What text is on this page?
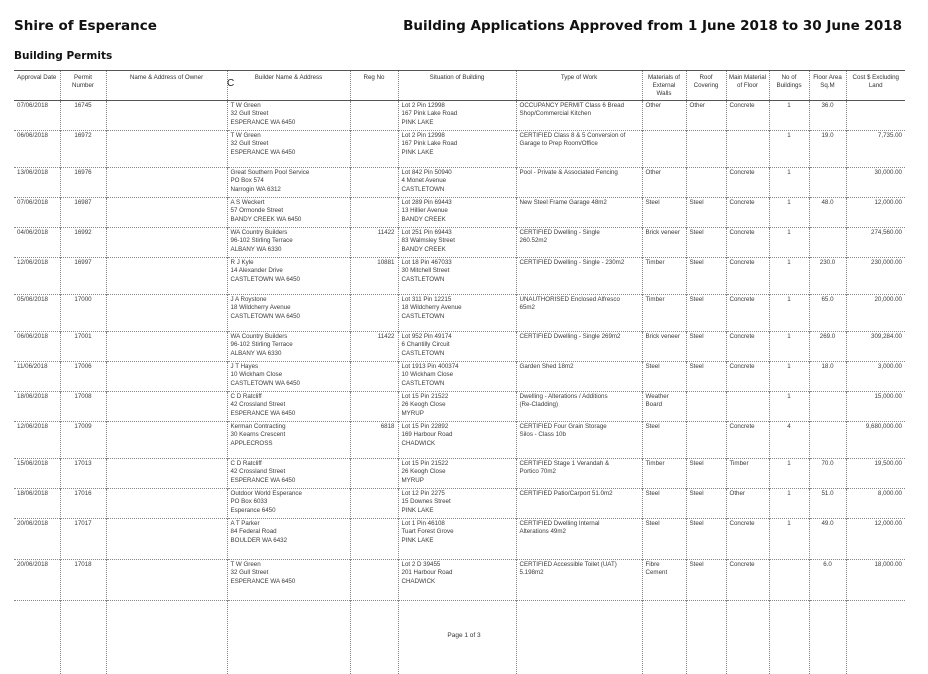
Shire of Esperance	Building Applications Approved from 1 June 2018 to 30 June 2018
Building Permits
Approval Date	Permit Number	Name & Address of Owner	Builder Name & Address	Reg No	Situation of Building	Type of Work	Materials of External Walls	Roof Covering	Main Material of Floor	No of Buildings	Floor Area Sq.M	Cost $ Excluding Land
07/06/2018	16745		T W Green
32 Gull Street
ESPERANCE WA 6450		Lot 2 Pin 12998
167 Pink Lake Road
PINK LAKE	OCCUPANCY PERMIT Class 6 Bread
Shop/Commercial Kitchen	Other	Other	Concrete	1	36.0	
06/06/2018	16972		T W Green
32 Gull Street
ESPERANCE WA 6450		Lot 2 Pin 12998
167 Pink Lake Road
PINK LAKE	CERTIFIED Class 8 & 5 Conversion of
Garage to Prep Room/Office				1	19.0	7,735.00
13/06/2018	16976		Great Southern Pool Service
PO Box 574
Narrogin WA 6312		Lot 842 Pin 50940
4 Monet Avenue
CASTLETOWN	Pool - Private & Associated Fencing	Other		Concrete	1		30,000.00
07/06/2018	16987		A S Weckert
57 Ormonde Street
BANDY CREEK WA 6450		Lot 289 Pin 69443
13 Hillier Avenue
BANDY CREEK	New Steel Frame Garage 48m2	Steel	Steel	Concrete	1	48.0	12,000.00
04/06/2018	16992		WA Country Builders
96-102 Stirling Terrace
ALBANY WA 6330	11422	Lot 251 Pin 69443
83 Walmsley Street
BANDY CREEK	CERTIFIED Dwelling - Single
260.52m2	Brick veneer	Steel	Concrete	1		274,560.00
12/06/2018	16997		R J Kyle
14 Alexander Drive
CASTLETOWN WA 6450	10881	Lot 18 Pin 467033
30 Mitchell Street
CASTLETOWN	CERTIFIED Dwelling - Single - 230m2	Timber	Steel	Concrete	1	230.0	230,000.00
05/06/2018	17000		J A Roystone
18 Wildcherry Avenue
CASTLETOWN WA 6450		Lot 311 Pin 12215
18 Wildcherry Avenue
CASTLETOWN	UNAUTHORISED Enclosed Alfresco
65m2	Timber	Steel	Concrete	1	65.0	20,000.00
06/06/2018	17001		WA Country Builders
96-102 Stirling Terrace
ALBANY WA 6330	11422	Lot 952 Pin 49174
6 Chantilly Circuit
CASTLETOWN	CERTIFIED Dwelling - Single 269m2	Brick veneer	Steel	Concrete	1	269.0	309,284.00
11/06/2018	17006		J T Hayes
10 Wickham Close
CASTLETOWN WA 6450		Lot 1913 Pin 400374
10 Wickham Close
CASTLETOWN	Garden Shed 18m2	Steel	Steel	Concrete	1	18.0	3,000.00
18/06/2018	17008		C D Ratcliff
42 Crossland Street
ESPERANCE WA 6450		Lot 15 Pin 21522
26 Keogh Close
MYRUP	Dwelling - Alterations / Additions
(Re-Cladding)	Weather Board			1		15,000.00
12/06/2018	17009		Kerman Contracting
30 Kearns Crescent
APPLECROSS	6818	Lot 15 Pin 22892
169 Harbour Road
CHADWICK	CERTIFIED Four Grain Storage
Silos - Class 10b	Steel		Concrete	4		9,680,000.00
15/06/2018	17013		C D Ratcliff
42 Crossland Street
ESPERANCE WA 6450		Lot 15 Pin 21522
26 Keogh Close
MYRUP	CERTIFIED Stage 1 Verandah &
Portico 70m2	Timber	Steel	Timber	1	70.0	19,500.00
18/06/2018	17016		Outdoor World Esperance
PO Box 6033
Esperance 6450		Lot 12 Pin 2275
15 Downes Street
PINK LAKE	CERTIFIED Patio/Carport 51.0m2	Steel	Steel	Other	1	51.0	8,000.00
20/06/2018	17017		A T Parker
84 Federal Road
BOULDER WA 6432		Lot 1 Pin 46108
Tuart Forest Grove
PINK LAKE	CERTIFIED Dwelling Internal
Alterations 49m2	Steel	Steel	Concrete	1	49.0	12,000.00
20/06/2018	17018		T W Green
32 Gull Street
ESPERANCE WA 6450		Lot 2 D 39455
201 Harbour Road
CHADWICK	CERTIFIED Accessible Toilet (UAT)
5.198m2	Fibre Cement	Steel	Concrete		6.0	18,000.00

C
Page 1 of 3
